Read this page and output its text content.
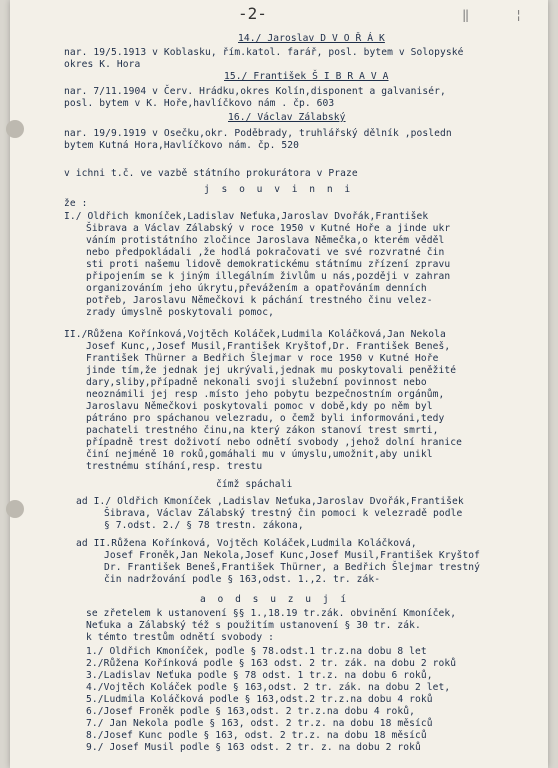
‖	¦
-2-
14./ Jaroslav D V O Ř Á K
nar. 19/5.1913 v Koblasku, řím.katol. farář, posl. bytem v Solopyské
okres K. Hora
15./ František Š I B R A V A
nar. 7/11.1904 v Červ. Hrádku,okres Kolín,disponent a galvanisér,
posl. bytem v K. Hoře,havlíčkovo nám . čp. 603
16./ Václav Zálabský
nar. 19/9.1919 v Osečku,okr. Poděbrady, truhlářský dělník ,posledn
bytem Kutná Hora,Havlíčkovo nám. čp. 520
v ichni t.č. ve vazbě státního prokurátora v Praze
j s o u v i n n i
že :
I./ Oldřich kmoníček,Ladislav Neťuka,Jaroslav Dvořák,František
Šibrava a Václav Zálabský v roce 1950 v Kutné Hoře a jinde ukr
váním protistátního zločince Jaroslava Němečka,o kterém věděl
nebo předpokládali ,že hodlá pokračovati ve své rozvratné čin
sti proti našemu lidově demokratickému státnímu zřízení zpravu
připojením se k jiným illegálním živlům u nás,později v zahran
organizováním jeho úkrytu,převážením a opatřováním denních
potřeb, Jaroslavu Němečkovi k páchání trestného činu velez-
zrady úmyslně poskytovali pomoc,
II./Růžena Kořínková,Vojtěch Koláček,Ludmila Koláčková,Jan Nekola
Josef Kunc,,Josef Musil,František Kryštof,Dr. František Beneš,
František Thürner a Bedřich Šlejmar v roce 1950 v Kutné Hoře
jinde tím,že jednak jej ukrývali,jednak mu poskytovali peněžité
dary,sliby,případně nekonali svoji služební povinnost nebo
neoznámili jej resp .místo jeho pobytu bezpečnostním orgánům,
Jaroslavu Němečkovi poskytovali pomoc v době,kdy po něm byl
pátráno pro spáchanou velezradu, o čemž byli informováni,tedy
pachateli trestného činu,na který zákon stanoví trest smrti,
případně trest doživotí nebo odnětí svobody ,jehož dolní hranice
činí nejméně 10 roků,gomáhali mu v úmyslu,umožnit,aby unikl
trestnému stíhání,resp. trestu
čímž spáchali
ad I./ Oldřich Kmoníček ,Ladislav Neťuka,Jaroslav Dvořák,František
Šibrava, Václav Zálabský trestný čin pomoci k velezradě podle
§ 7.odst. 2./ § 78 trestn. zákona,
ad II.Růžena Kořínková, Vojtěch Koláček,Ludmila Koláčková,
Josef Froněk,Jan Nekola,Josef Kunc,Josef Musil,František Kryštof
Dr. František Beneš,František Thürner, a Bedřich Šlejmar trestný
čin nadržování podle § 163,odst. 1.,2. tr. zák-
a o d s u z u j í
se zřetelem k ustanovení §§ 1.,18.19 tr.zák. obvinění Kmoníček,
Neťuka a Zálabský též s použitím ustanovení § 30 tr. zák.
k témto trestům odnětí svobody :
1./ Oldřich Kmoníček, podle § 78.odst.1 tr.z.na dobu 8 let
2./Růžena Kořínková podle § 163 odst. 2 tr. zák. na dobu 2 roků
3./Ladislav Neťuka podle § 78 odst. 1 tr.z. na dobu 6 roků,
4./Vojtěch Koláček podle § 163,odst. 2 tr. zák. na dobu 2 let,
5./Ludmila Koláčková podle § 163,odst.2 tr.z.na dobu 4 roků
6./Josef Froněk podle § 163,odst. 2 tr.z.na dobu 4 roků,
7./ Jan Nekola podle § 163, odst. 2 tr.z. na dobu 18 měsíců
8./Josef Kunc podle § 163, odst. 2 tr.z. na dobu 18 měsíců
9./ Josef Musil podle § 163 odst. 2 tr. z. na dobu 2 roků
